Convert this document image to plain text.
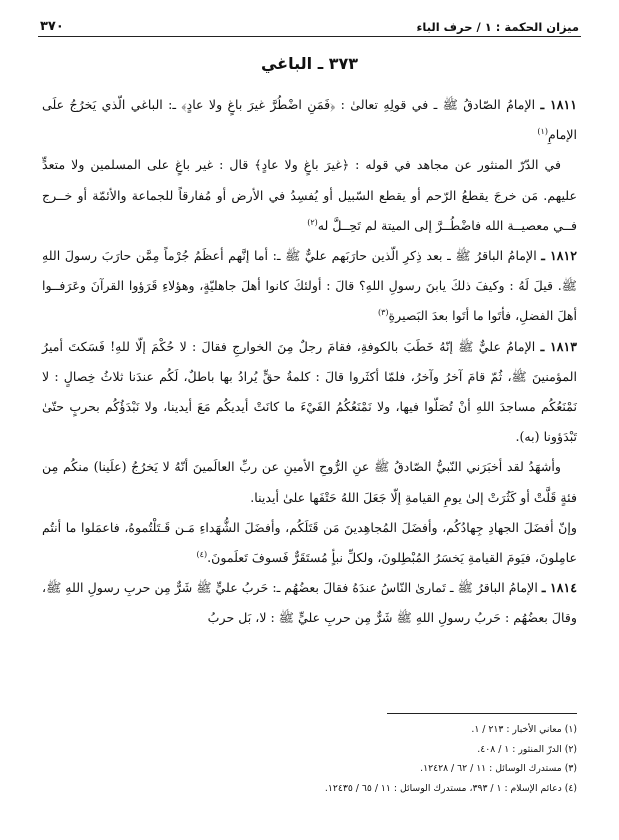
ميزان الحكمة : ١ / حرف الباء
٣٧٠
٣٧٣ ـ الباغي

١٨١١ ـ الإمامُ الصّادقُ ﷺ ـ في قولِهِ تعالىٰ : ﴿فَمَنِ اضْطُرَّ غيرَ باغٍ ولا عادٍ﴾ ـ: الباغي الّذي يَخرُجُ علَى الإمامِ$^{(١)}$

في الدّرّ المنثور عن مجاهد في قوله : ﴿غيرَ باغٍ ولا عادٍ﴾ قال : غير باغٍ على المسلمين ولا متعدٍّ عليهم. مَن خرجَ يقطعُ الرّحم أو يقطع السّبيل أو يُفسِدُ في الأرض أو مُفارقاً للجماعة والأئمّة أو خــرج فــي معصيــة الله فاضْطُــرَّ إلى الميتة لم تَحِــلَّ له$^{(٢)}$

١٨١٢ ـ الإمامُ الباقرُ ﷺ ـ بعد ذِكرِ الّذين حارَبَهم عليٌّ ﷺ ـ: أما إنَّهم أعظَمُ جُرْماً مِمَّن حارَبَ رسولَ اللهِ ﷺ. قيلَ لَهُ : وكيفَ ذلكَ يابنَ رسولِ اللهِ؟ قالَ : أولئكَ كانوا أهلَ جاهليّةٍ، وهؤلاءِ قَرَؤوا القرآنَ وعَرَفــوا أهلَ الفضلِ، فأتَوا ما أتَوا بعدَ البَصيرةِ$^{(٣)}$

١٨١٣ ـ الإمامُ عليٌّ ﷺ إنّهُ خَطَبَ بالكوفةِ، فقامَ رجلٌ مِنَ الخوارجِ فقالَ : لا حُكْمَ إلّا للهِ! فَسَكتَ أميرُ المؤمنينَ ﷺ، ثُمّ قامَ آخرُ وآخرُ، فلمّا أكثَروا قالَ : كلمةُ حقٍّ يُرادُ بها باطلٌ، لَكُم عندَنا ثلاثُ خِصالٍ : لا نَمْنَعُكُم مساجدَ اللهِ أنْ تُصَلّوا فيها، ولا نَمْنَعُكُمُ الفَيْءَ ما كانَتْ أيديكُم مَعَ أيدينا، ولا نَبْدَؤُكُم بحربٍ حتّىٰ تَبْدَؤونا (به).

وأشهَدُ لقد أخبَرَني النّبيُّ الصّادقُ ﷺ عنِ الرُّوحِ الأمينِ عن ربِّ العالَمينَ أنّهُ لا يَخرُجُ (علَينا) منكُم مِن فئةٍ قَلَّتْ أو كَثُرَتْ إلىٰ يومِ القيامةِ إلّا جَعَلَ اللهُ حَتْفَها علىٰ أيدينا.

وإنّ أفضَلَ الجهادِ جِهادُكُم، وأفضَلَ المُجاهِدينَ مَن قَتَلَكُم، وأفضَلَ الشُّهَداءِ مَـن قَـتَلْتُموهُ، فاعمَلوا ما أنتُم عامِلونَ، فيَومَ القيامةِ يَخسَرُ المُبْطِلونَ، ولكلِّ نبأٍ مُستَقَرٌّ فَسوفَ تَعلَمونَ.$^{(٤)}$

١٨١٤ ـ الإمامُ الباقرُ ﷺ ـ تَمارىٰ النّاسُ عندَهُ فقالَ بعضُهُم ـ: حَربُ عليٍّ ﷺ شَرٌّ مِن حربِ رسولِ اللهِ ﷺ، وقالَ بعضُهُم : حَربُ رسولِ اللهِ ﷺ شَرٌّ مِن حربِ عليٍّ ﷺ : لا، بَل حربُ

(١) معاني الأخبار : ٢١٣ / ١.
(٢) الدرّ المنثور : ١ / ٤٠٨.
(٣) مستدرك الوسائل : ١١ / ٦٢ / ١٢٤٢٨.
(٤) دعائم الإسلام : ١ / ٣٩٣، مستدرك الوسائل : ١١ / ٦٥ / ١٢٤٣٥.
